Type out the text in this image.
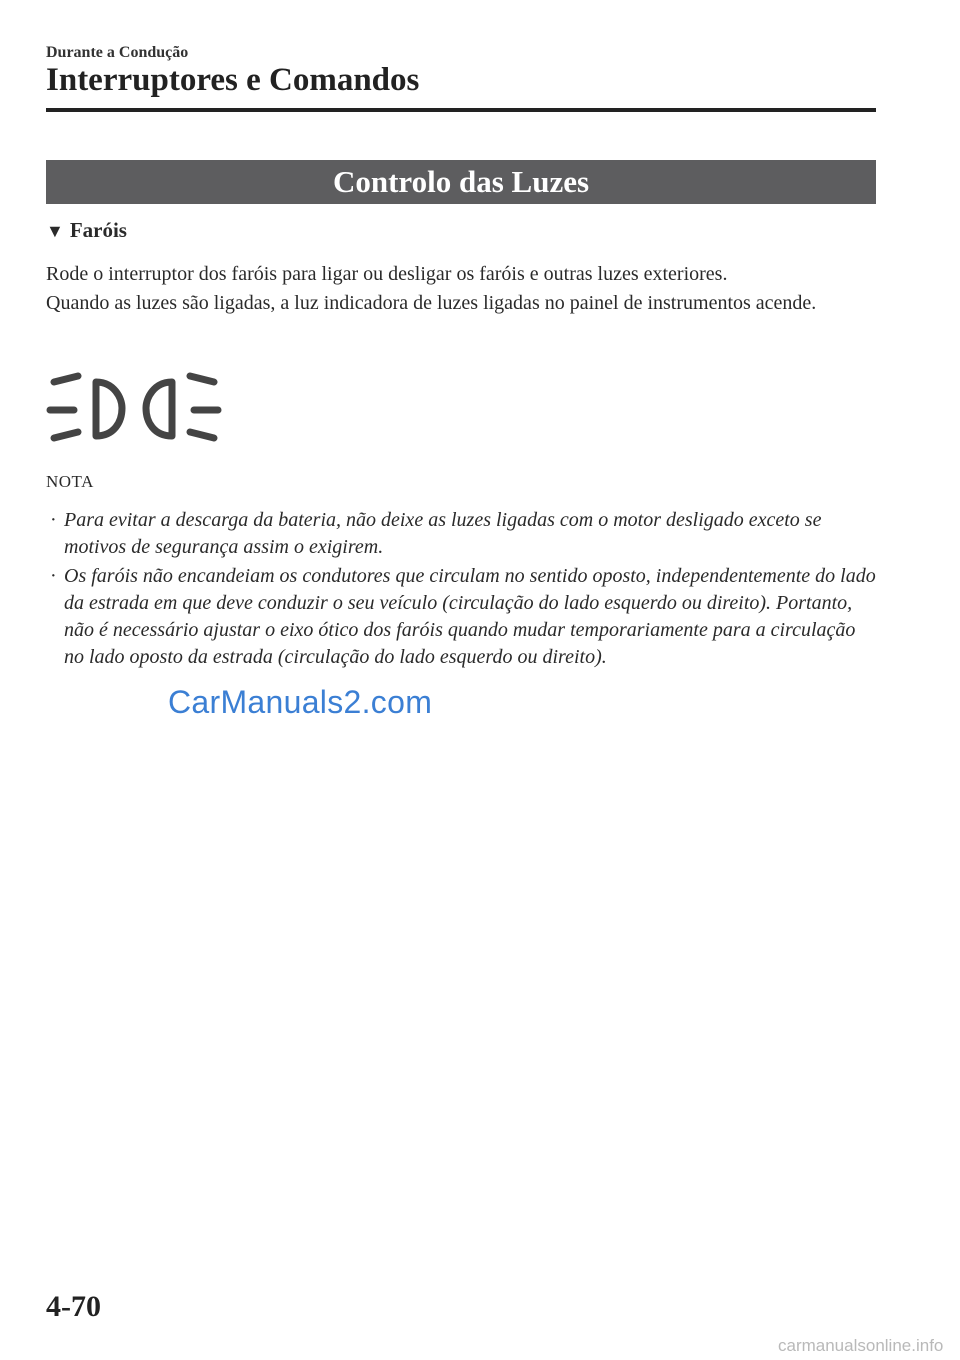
Durante a Condução
Interruptores e Comandos
Controlo das Luzes
▼ Faróis

Rode o interruptor dos faróis para ligar ou desligar os faróis e outras luzes exteriores.

Quando as luzes são ligadas, a luz indicadora de luzes ligadas no painel de instrumentos acende.

NOTA
· Para evitar a descarga da bateria, não deixe as luzes ligadas com o motor desligado exceto se motivos de segurança assim o exigirem.
· Os faróis não encandeiam os condutores que circulam no sentido oposto, independentemente do lado da estrada em que deve conduzir o seu veículo (circulação do lado esquerdo ou direito). Portanto, não é necessário ajustar o eixo ótico dos faróis quando mudar temporariamente para a circulação no lado oposto da estrada (circulação do lado esquerdo ou direito).
CarManuals2.com
4-70
carmanualsonline.info
